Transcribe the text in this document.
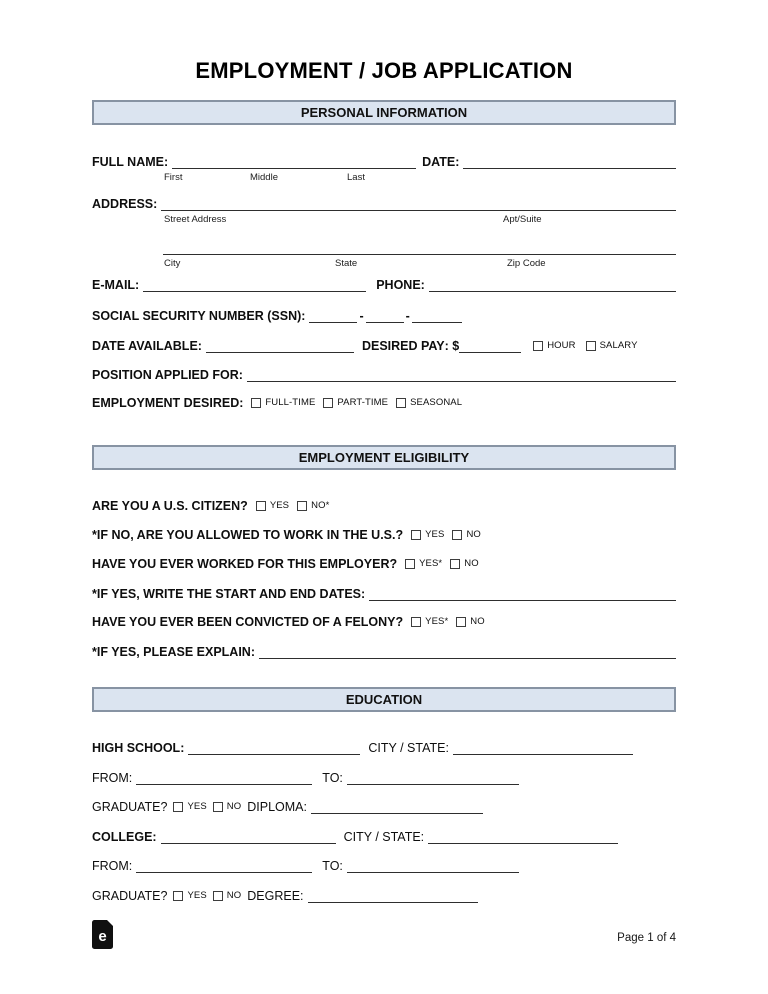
EMPLOYMENT / JOB APPLICATION
PERSONAL INFORMATION
FULL NAME:	DATE:
First	Middle	Last
ADDRESS:
Street Address	Apt/Suite
City	State	Zip Code
E-MAIL:	PHONE:
SOCIAL SECURITY NUMBER (SSN):	-	-
DATE AVAILABLE:	DESIRED PAY : $	HOUR	SALARY
POSITION APPLIED FOR:
EMPLOYMENT DESIRED: FULL-TIME PART-TIME SEASONAL
EMPLOYMENT ELIGIBILITY
ARE YOU A U.S. CITIZEN? YES NO*
*IF NO, ARE YOU ALLOWED TO WORK IN THE U.S.? YES NO
HAVE YOU EVER WORKED FOR THIS EMPLOYER? YES* NO
*IF YES, WRITE THE START AND END DATES:
HAVE YOU EVER BEEN CONVICTED OF A FELONY? YES* NO
*IF YES, PLEASE EXPLAIN:
EDUCATION
HIGH SCHOOL:	CITY / STATE:
FROM:	TO:
GRADUATE? YES NO DIPLOMA:
COLLEGE:	CITY / STATE:
FROM:	TO:
GRADUATE? YES NO DEGREE:
e	Page 1 of 4
